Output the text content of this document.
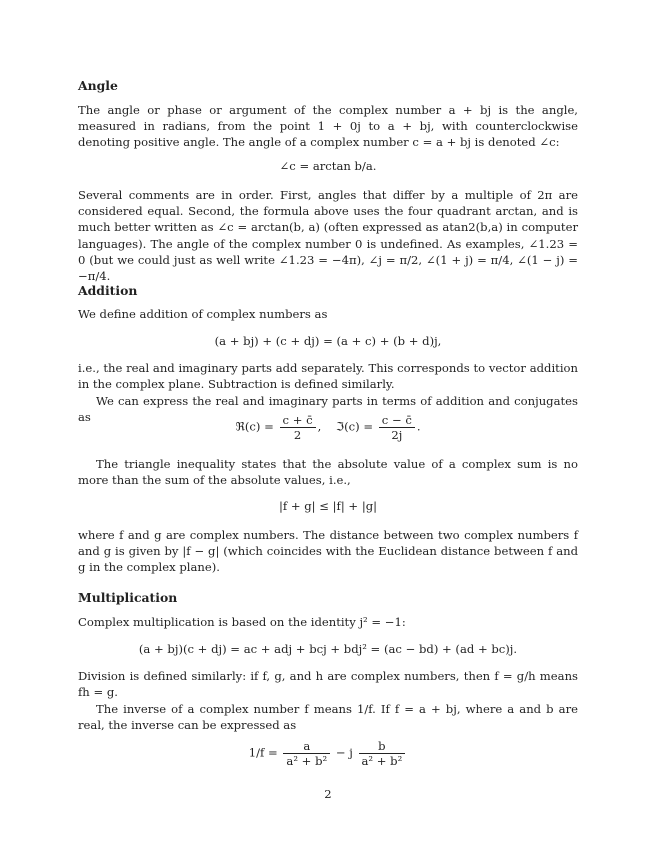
Angle
The angle or phase or argument of the complex number a + bj is the angle, measured in radians, from the point 1 + 0j to a + bj, with counterclockwise denoting positive angle. The angle of a complex number c = a + bj is denoted ∠c:
∠c = arctan b/a.
Several comments are in order. First, angles that differ by a multiple of 2π are considered equal. Second, the formula above uses the four quadrant arctan, and is much better written as ∠c = arctan(b, a) (often expressed as atan2(b,a) in computer languages). The angle of the complex number 0 is undefined. As examples, ∠1.23 = 0 (but we could just as well write ∠1.23 = −4π), ∠j = π/2, ∠(1 + j) = π/4, ∠(1 − j) = −π/4.
Addition
We define addition of complex numbers as
(a + bj) + (c + dj) = (a + c) + (b + d)j,
i.e., the real and imaginary parts add separately. This corresponds to vector addition in the complex plane. Subtraction is defined similarly.
We can express the real and imaginary parts in terms of addition and conjugates as
ℜ(c) = $\frac{c + c̄}{2}$ ,    ℑ(c) = $\frac{c - c̄}{2j}$ .
The triangle inequality states that the absolute value of a complex sum is no more than the sum of the absolute values, i.e.,
|f + g| ≤ |f| + |g|
where f and g are complex numbers. The distance between two complex numbers f and g is given by |f − g| (which coincides with the Euclidean distance between f and g in the complex plane).
Multiplication
Complex multiplication is based on the identity j² = −1:
(a + bj)(c + dj) = ac + adj + bcj + bdj² = (ac − bd) + (ad + bc)j.
Division is defined similarly: if f, g, and h are complex numbers, then f = g/h means fh = g.
The inverse of a complex number f means 1/f. If f = a + bj, where a and b are real, the inverse can be expressed as
$1/f = \frac{a}{\text{a² + b²}} - j \frac{b}{\text{a² + b²}}$
2
